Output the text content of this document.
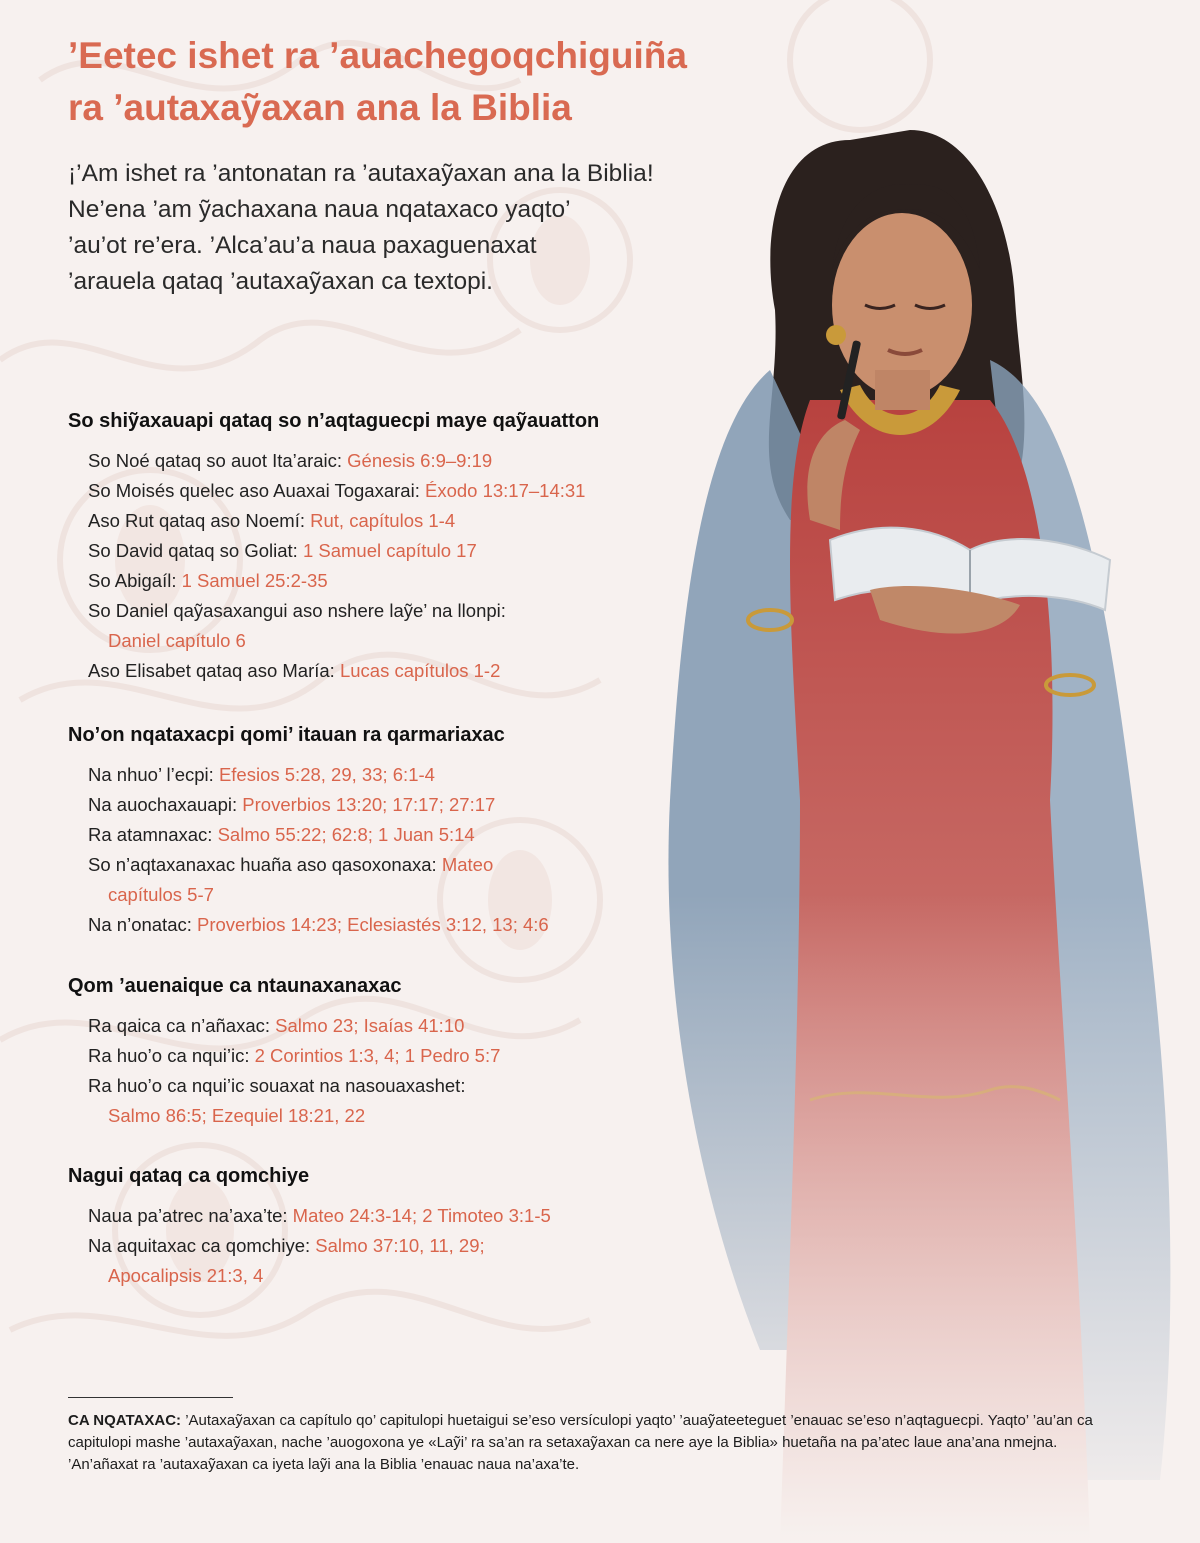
’Eetec ishet ra ’auachegoqchiguiña
ra ’autaxaỹaxan ana la Biblia

¡’Am ishet ra ’antonatan ra ’autaxaỹaxan ana la Biblia!
Ne’ena ’am ỹachaxana naua nqataxaco yaqto’
’au’ot re’era. ’Alca’au’a naua paxaguenaxat
’arauela qataq ’autaxaỹaxan ca textopi.

So shiỹaxauapi qataq so n’aqtaguecpi maye qaỹauatton
So Noé qataq so auot Ita’araic: Génesis 6:9–9:19
So Moisés quelec aso Auaxai Togaxarai: Éxodo 13:17–14:31
Aso Rut qataq aso Noemí: Rut, capítulos 1-4
So David qataq so Goliat: 1 Samuel capítulo 17
So Abigaíl: 1 Samuel 25:2-35
So Daniel qaỹasaxangui aso nshere laỹe’ na llonpi:
Daniel capítulo 6
Aso Elisabet qataq aso María: Lucas capítulos 1-2
No’on nqataxacpi qomi’ itauan ra qarmariaxac
Na nhuo’ l’ecpi: Efesios 5:28, 29, 33; 6:1-4
Na auochaxauapi: Proverbios 13:20; 17:17; 27:17
Ra atamnaxac: Salmo 55:22; 62:8; 1 Juan 5:14
So n’aqtaxanaxac huaña aso qasoxonaxa: Mateo
capítulos 5-7
Na n’onatac: Proverbios 14:23; Eclesiastés 3:12, 13; 4:6
Qom ’auenaique ca ntaunaxanaxac
Ra qaica ca n’añaxac: Salmo 23; Isaías 41:10
Ra huo’o ca nqui’ic: 2 Corintios 1:3, 4; 1 Pedro 5:7
Ra huo’o ca nqui’ic souaxat na nasouaxashet:
Salmo 86:5; Ezequiel 18:21, 22
Nagui qataq ca qomchiye
Naua pa’atrec na’axa’te: Mateo 24:3-14; 2 Timoteo 3:1-5
Na aquitaxac ca qomchiye: Salmo 37:10, 11, 29;
Apocalipsis 21:3, 4

CA NQATAXAC: ’Autaxaỹaxan ca capítulo qo’ capitulopi huetaigui se’eso versículopi yaqto’ ’auaỹateeteguet ’enauac se’eso n’aqtaguecpi. Yaqto’ ’au’an ca capitulopi mashe ’autaxaỹaxan, nache ’auogoxona ye «Laỹi’ ra sa’an ra setaxaỹaxan ca nere aye la Biblia» huetaña na pa’atec laue ana’ana nmejna. ’An’añaxat ra ’autaxaỹaxan ca iyeta laỹi ana la Biblia ’enauac naua na’axa’te.
